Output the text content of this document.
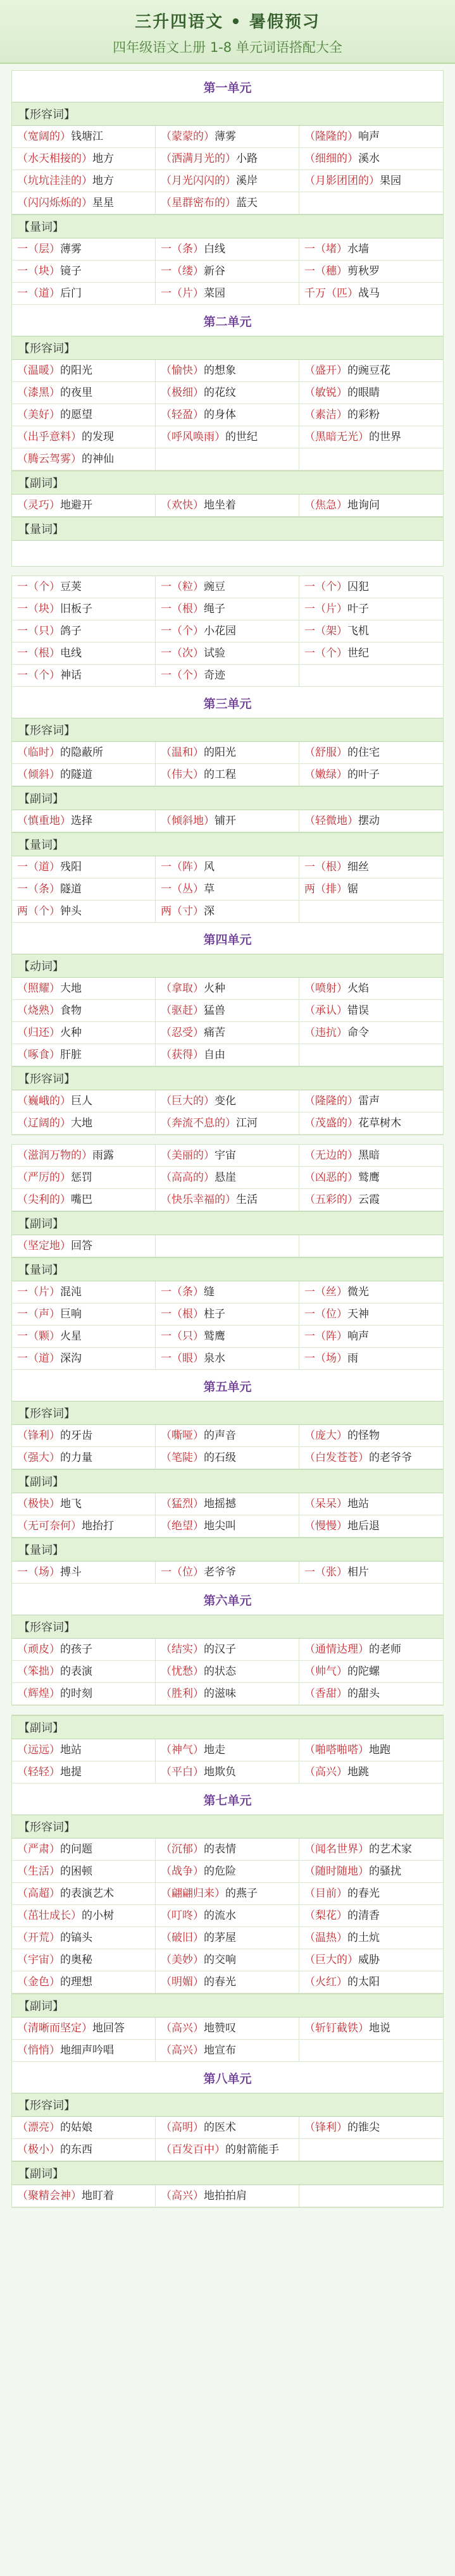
三升四语文 • 暑假预习
四年级语文上册 1-8 单元词语搭配大全
第一单元
【形容词】
（宽阔的）钱塘江	（蒙蒙的）薄雾	（隆隆的）响声
（水天相接的）地方	（洒满月光的）小路	（细细的）溪水
（坑坑洼洼的）地方	（月光闪闪的）溪岸	（月影团团的）果园
（闪闪烁烁的）星星	（星群密布的）蓝天
【量词】
一（层）薄雾	一（条）白线	一（堵）水墙
一（块）镜子	一（缕）新谷	一（穗）剪秋罗
一（道）后门	一（片）菜园	千万（匹）战马
第二单元
【形容词】
（温暖）的阳光	（愉快）的想象	（盛开）的豌豆花
（漆黑）的夜里	（极细）的花纹	（敏锐）的眼睛
（美好）的愿望	（轻盈）的身体	（素洁）的彩粉
（出乎意料）的发现	（呼风唤雨）的世纪	（黑暗无光）的世界
（腾云驾雾）的神仙
【副词】
（灵巧）地避开	（欢快）地坐着	（焦急）地询问
【量词】
一（个）豆荚	一（粒）豌豆	一（个）囚犯
一（块）旧板子	一（根）绳子	一（片）叶子
一（只）鸽子	一（个）小花园	一（架）飞机
一（根）电线	一（次）试验	一（个）世纪
一（个）神话	一（个）奇迹
第三单元
【形容词】
（临时）的隐蔽所	（温和）的阳光	（舒服）的住宅
（倾斜）的隧道	（伟大）的工程	（嫩绿）的叶子
【副词】
（慎重地）选择	（倾斜地）铺开	（轻微地）摆动
【量词】
一（道）残阳	一（阵）风	一（根）细丝
一（条）隧道	一（丛）草	两（排）锯
两（个）钟头	两（寸）深
第四单元
【动词】
（照耀）大地	（拿取）火种	（喷射）火焰
（烧熟）食物	（驱赶）猛兽	（承认）错误
（归还）火种	（忍受）痛苦	（违抗）命令
（啄食）肝脏	（获得）自由
【形容词】
（巍峨的）巨人	（巨大的）变化	（隆隆的）雷声
（辽阔的）大地	（奔流不息的）江河	（茂盛的）花草树木
（滋润万物的）雨露	（美丽的）宇宙	（无边的）黑暗
（严厉的）惩罚	（高高的）悬崖	（凶恶的）鹫鹰
（尖利的）嘴巴	（快乐幸福的）生活	（五彩的）云霞
【副词】
（坚定地）回答
【量词】
一（片）混沌	一（条）缝	一（丝）微光
一（声）巨响	一（根）柱子	一（位）天神
一（颗）火星	一（只）鹫鹰	一（阵）响声
一（道）深沟	一（眼）泉水	一（场）雨
第五单元
【形容词】
（锋利）的牙齿	（嘶哑）的声音	（庞大）的怪物
（强大）的力量	（笔陡）的石级	（白发苍苍）的老爷爷
【副词】
（极快）地飞	（猛烈）地摇撼	（呆呆）地站
（无可奈何）地抬打	（绝望）地尖叫	（慢慢）地后退
【量词】
一（场）搏斗	一（位）老爷爷	一（张）相片
第六单元
【形容词】
（顽皮）的孩子	（结实）的汉子	（通情达理）的老师
（笨拙）的表演	（忧愁）的状态	（帅气）的陀螺
（辉煌）的时刻	（胜利）的滋味	（香甜）的甜头
【副词】
（远远）地站	（神气）地走	（啪嗒啪嗒）地跑
（轻轻）地提	（平白）地欺负	（高兴）地跳
第七单元
【形容词】
（严肃）的问题	（沉郁）的表情	（闻名世界）的艺术家
（生活）的困顿	（战争）的危险	（随时随地）的骚扰
（高超）的表演艺术	（翩翩归来）的燕子	（目前）的春光
（茁壮成长）的小树	（叮咚）的流水	（梨花）的清香
（开荒）的镐头	（破旧）的茅屋	（温热）的土炕
（宇宙）的奥秘	（美妙）的交响	（巨大的）威胁
（金色）的理想	（明媚）的春光	（火红）的太阳
【副词】
（清晰而坚定）地回答	（高兴）地赞叹	（斩钉截铁）地说
（悄悄）地细声吟唱	（高兴）地宣布
第八单元
【形容词】
（漂亮）的姑娘	（高明）的医术	（锋利）的锥尖
（极小）的东西	（百发百中）的射箭能手
【副词】
（聚精会神）地盯着	（高兴）地拍拍肩
